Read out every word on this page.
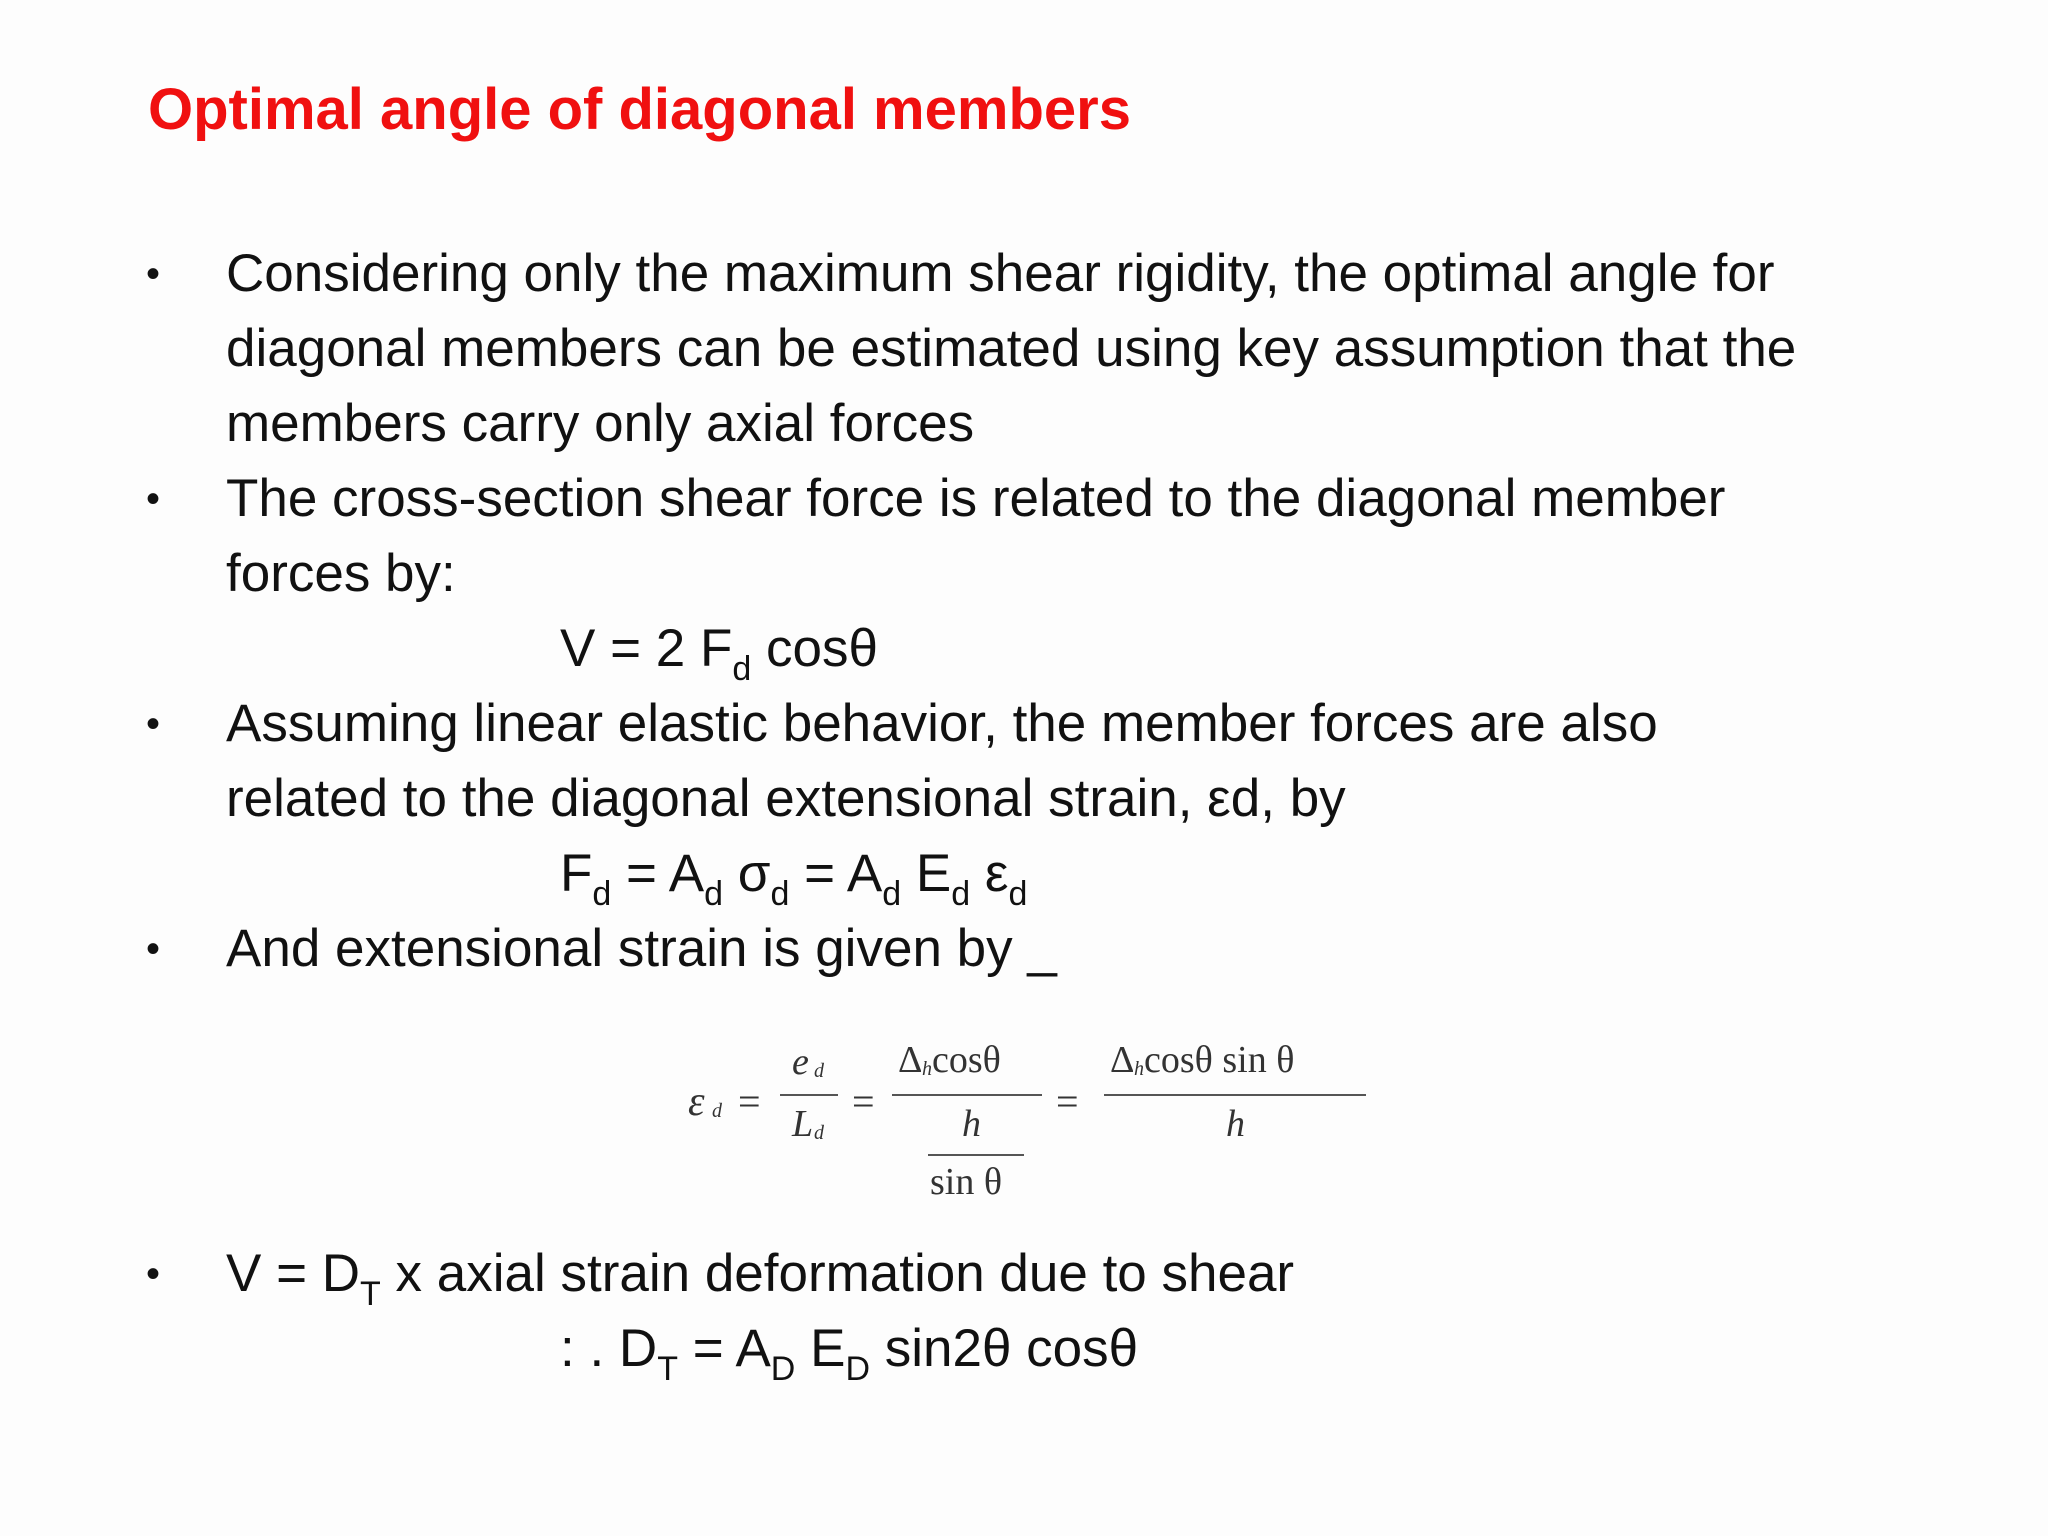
Optimal angle of diagonal members
• Considering only the maximum shear rigidity, the optimal angle for
diagonal members can be estimated using key assumption that the
members carry only axial forces
• The cross-section shear force is related to the diagonal member
forces by:
V = 2 $F_d$ cosθ
• Assuming linear elastic behavior, the member forces are also
related to the diagonal extensional strain, εd, by
$F_d = A_d$ $\sigma_d = A_d$ $E_d$ $\varepsilon_d$
• And extensional strain is given by _
ε d =
e d
L d
=
Δ h cosθ
h
sin θ
=
Δ h cosθ sin θ
h
• $V = D_T$ x axial strain deformation due to shear
: . $D_T = A_D$ $E_D$ sin2θ cosθ
